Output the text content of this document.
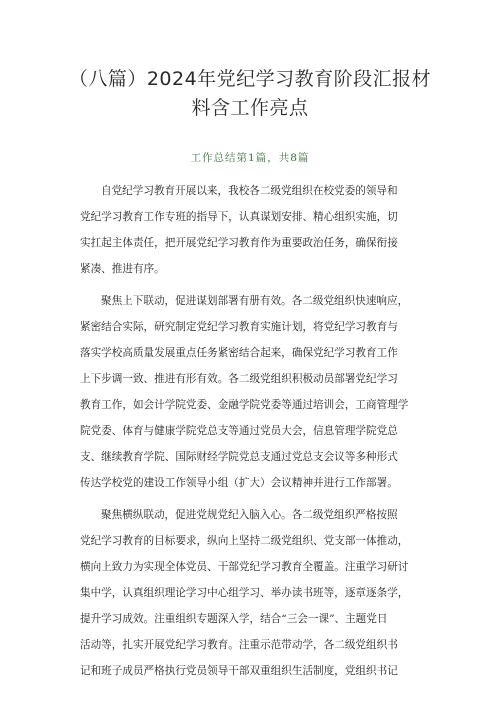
（八篇）2024年党纪学习教育阶段汇报材
料含工作亮点
工作总结第1篇，共8篇
自党纪学习教育开展以来，我校各二级党组织在校党委的领导和
党纪学习教育工作专班的指导下，认真谋划安排、精心组织实施，切
实扛起主体责任，把开展党纪学习教育作为重要政治任务，确保衔接
紧凑、推进有序。
聚焦上下联动，促进谋划部署有册有效。各二级党组织快速响应，
紧密结合实际，研究制定党纪学习教育实施计划，将党纪学习教育与
落实学校高质量发展重点任务紧密结合起来，确保党纪学习教育工作
上下步调一致、推进有形有效。各二级党组织积极动员部署党纪学习
教育工作，如会计学院党委、金融学院党委等通过培训会，工商管理学
院党委、体育与健康学院党总支等通过党员大会，信息管理学院党总
支、继续教育学院、国际财经学院党总支通过党总支会议等多种形式
传达学校党的建设工作领导小组（扩大）会议精神并进行工作部署。
聚焦横纵联动，促进党规党纪入脑入心。各二级党组织严格按照
党纪学习教育的目标要求，纵向上坚持二级党组织、党支部一体推动，
横向上致力为实现全体党员、干部党纪学习教育全覆盖。注重学习研讨
集中学，认真组织理论学习中心组学习、举办读书班等，逐章逐条学，
提升学习成效。注重组织专题深入学，结合“三会一课”、主题党日
活动等，扎实开展党纪学习教育。注重示范带动学，各二级党组织书
记和班子成员严格执行党员领导干部双重组织生活制度，党组织书记
